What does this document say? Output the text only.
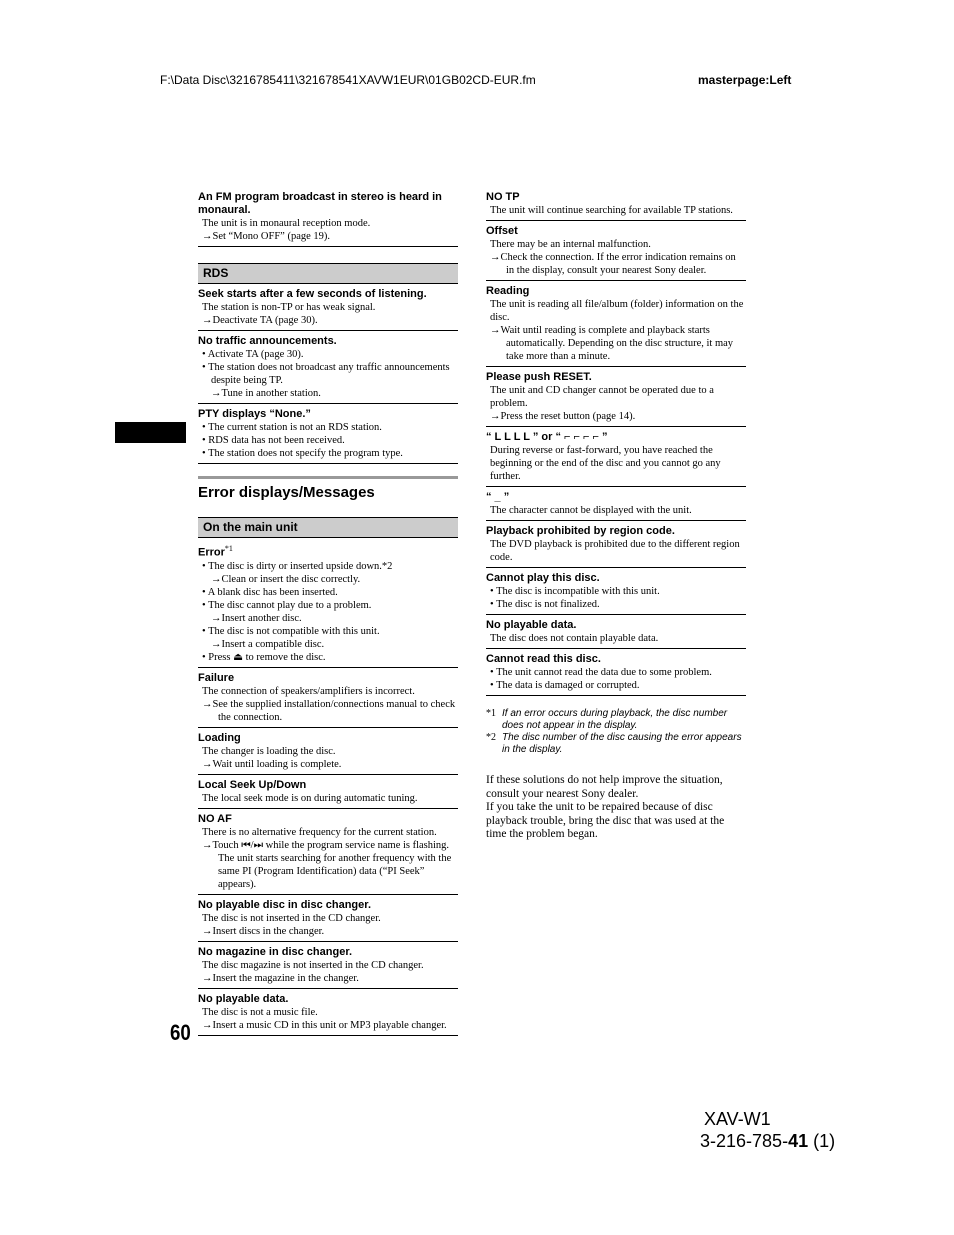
F:\Data Disc\3216785411\321678541XAVW1EUR\01GB02CD-EUR.fm	masterpage:Left
An FM program broadcast in stereo is heard in monaural.
The unit is in monaural reception mode.
→Set “Mono OFF” (page 19).
RDS
Seek starts after a few seconds of listening.
The station is non-TP or has weak signal.
→Deactivate TA (page 30).
No traffic announcements.
• Activate TA (page 30).
• The station does not broadcast any traffic announcements despite being TP.
→Tune in another station.
PTY displays “None.”
• The current station is not an RDS station.
• RDS data has not been received.
• The station does not specify the program type.
Error displays/Messages
On the main unit
Error$^{*1}$
• The disc is dirty or inserted upside down.*2
→Clean or insert the disc correctly.
• A blank disc has been inserted.
• The disc cannot play due to a problem.
→Insert another disc.
• The disc is not compatible with this unit.
→Insert a compatible disc.
• Press ⏏ to remove the disc.
Failure
The connection of speakers/amplifiers is incorrect.
→See the supplied installation/connections manual to check the connection.
Loading
The changer is loading the disc.
→Wait until loading is complete.
Local Seek Up/Down
The local seek mode is on during automatic tuning.
NO AF
There is no alternative frequency for the current station.
→Touch ⏮/⏭ while the program service name is flashing. The unit starts searching for another frequency with the same PI (Program Identification) data (“PI Seek” appears).
No playable disc in disc changer.
The disc is not inserted in the CD changer.
→Insert discs in the changer.
No magazine in disc changer.
The disc magazine is not inserted in the CD changer.
→Insert the magazine in the changer.
No playable data.
The disc is not a music file.
→Insert a music CD in this unit or MP3 playable changer.
NO TP
The unit will continue searching for available TP stations.
Offset
There may be an internal malfunction.
→Check the connection. If the error indication remains on in the display, consult your nearest Sony dealer.
Reading
The unit is reading all file/album (folder) information on the disc.
→Wait until reading is complete and playback starts automatically. Depending on the disc structure, it may take more than a minute.
Please push RESET.
The unit and CD changer cannot be operated due to a problem.
→Press the reset button (page 14).
“ L L L L ” or “ ⌐ ⌐ ⌐ ⌐ ”
During reverse or fast-forward, you have reached the beginning or the end of the disc and you cannot go any further.
“ _ ”
The character cannot be displayed with the unit.
Playback prohibited by region code.
The DVD playback is prohibited due to the different region code.
Cannot play this disc.
• The disc is incompatible with this unit.
• The disc is not finalized.
No playable data.
The disc does not contain playable data.
Cannot read this disc.
• The unit cannot read the data due to some problem.
• The data is damaged or corrupted.
*1 If an error occurs during playback, the disc number does not appear in the display.
*2 The disc number of the disc causing the error appears in the display.
If these solutions do not help improve the situation, consult your nearest Sony dealer.
If you take the unit to be repaired because of disc playback trouble, bring the disc that was used at the time the problem began.
60
XAV-W1
3-216-785-41 (1)
